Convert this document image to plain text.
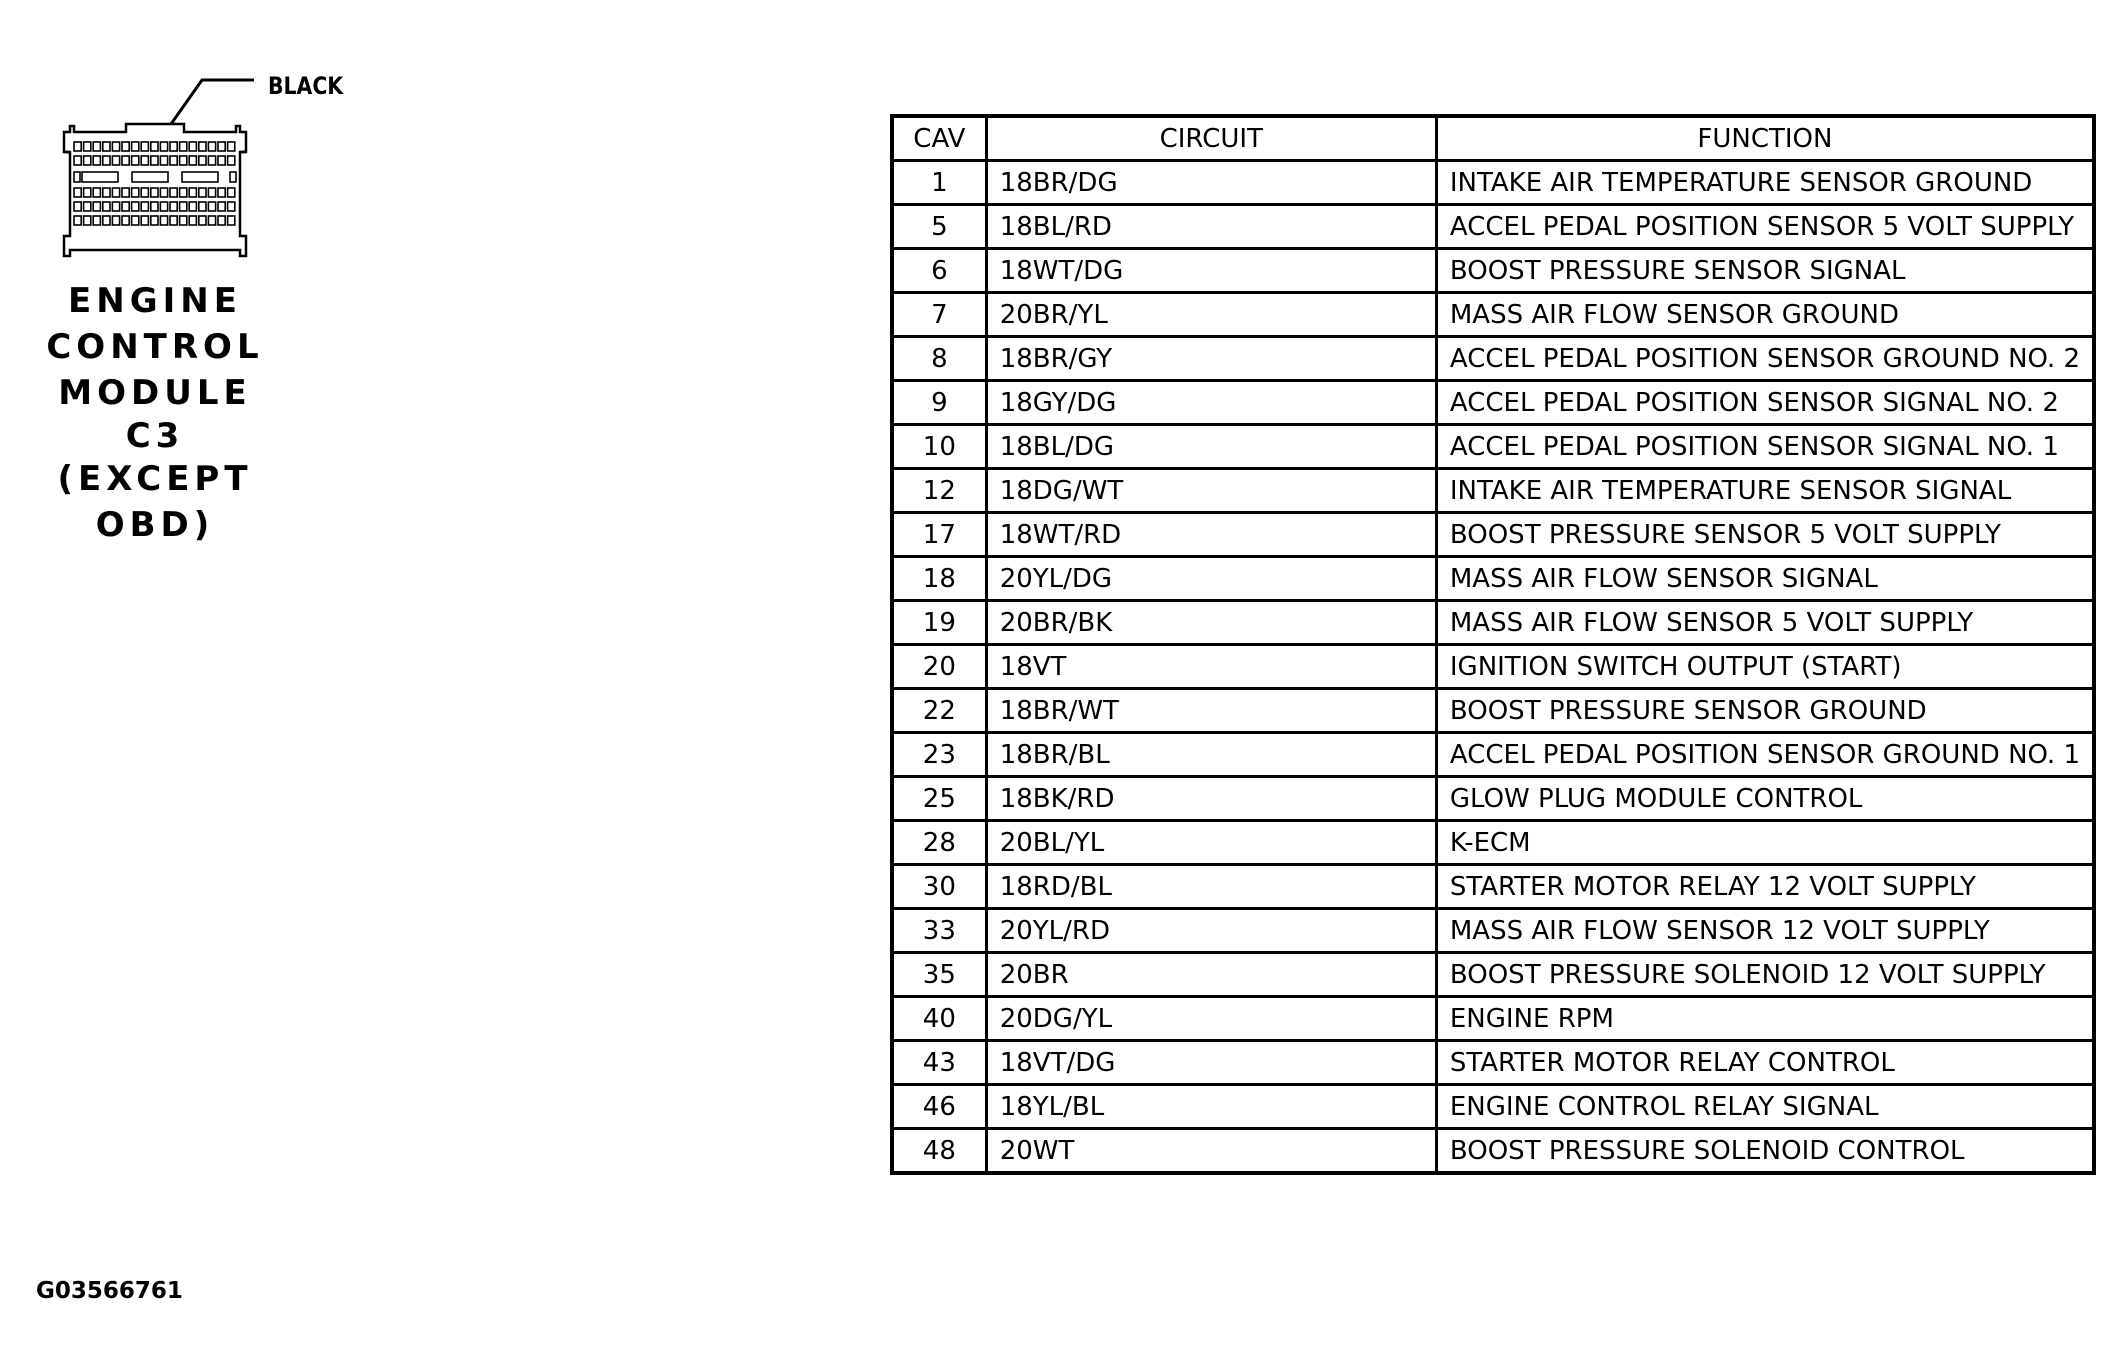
BLACK
ENGINE
CONTROL
MODULE
C3
(EXCEPT OBD)
CAV	CIRCUIT	FUNCTION
1	18BR/DG	INTAKE AIR TEMPERATURE SENSOR GROUND
5	18BL/RD	ACCEL PEDAL POSITION SENSOR 5 VOLT SUPPLY
6	18WT/DG	BOOST PRESSURE SENSOR SIGNAL
7	20BR/YL	MASS AIR FLOW SENSOR GROUND
8	18BR/GY	ACCEL PEDAL POSITION SENSOR GROUND NO. 2
9	18GY/DG	ACCEL PEDAL POSITION SENSOR SIGNAL NO. 2
10	18BL/DG	ACCEL PEDAL POSITION SENSOR SIGNAL NO. 1
12	18DG/WT	INTAKE AIR TEMPERATURE SENSOR SIGNAL
17	18WT/RD	BOOST PRESSURE SENSOR 5 VOLT SUPPLY
18	20YL/DG	MASS AIR FLOW SENSOR SIGNAL
19	20BR/BK	MASS AIR FLOW SENSOR 5 VOLT SUPPLY
20	18VT	IGNITION SWITCH OUTPUT (START)
22	18BR/WT	BOOST PRESSURE SENSOR GROUND
23	18BR/BL	ACCEL PEDAL POSITION SENSOR GROUND NO. 1
25	18BK/RD	GLOW PLUG MODULE CONTROL
28	20BL/YL	K-ECM
30	18RD/BL	STARTER MOTOR RELAY 12 VOLT SUPPLY
33	20YL/RD	MASS AIR FLOW SENSOR 12 VOLT SUPPLY
35	20BR	BOOST PRESSURE SOLENOID 12 VOLT SUPPLY
40	20DG/YL	ENGINE RPM
43	18VT/DG	STARTER MOTOR RELAY CONTROL
46	18YL/BL	ENGINE CONTROL RELAY SIGNAL
48	20WT	BOOST PRESSURE SOLENOID CONTROL
G03566761
